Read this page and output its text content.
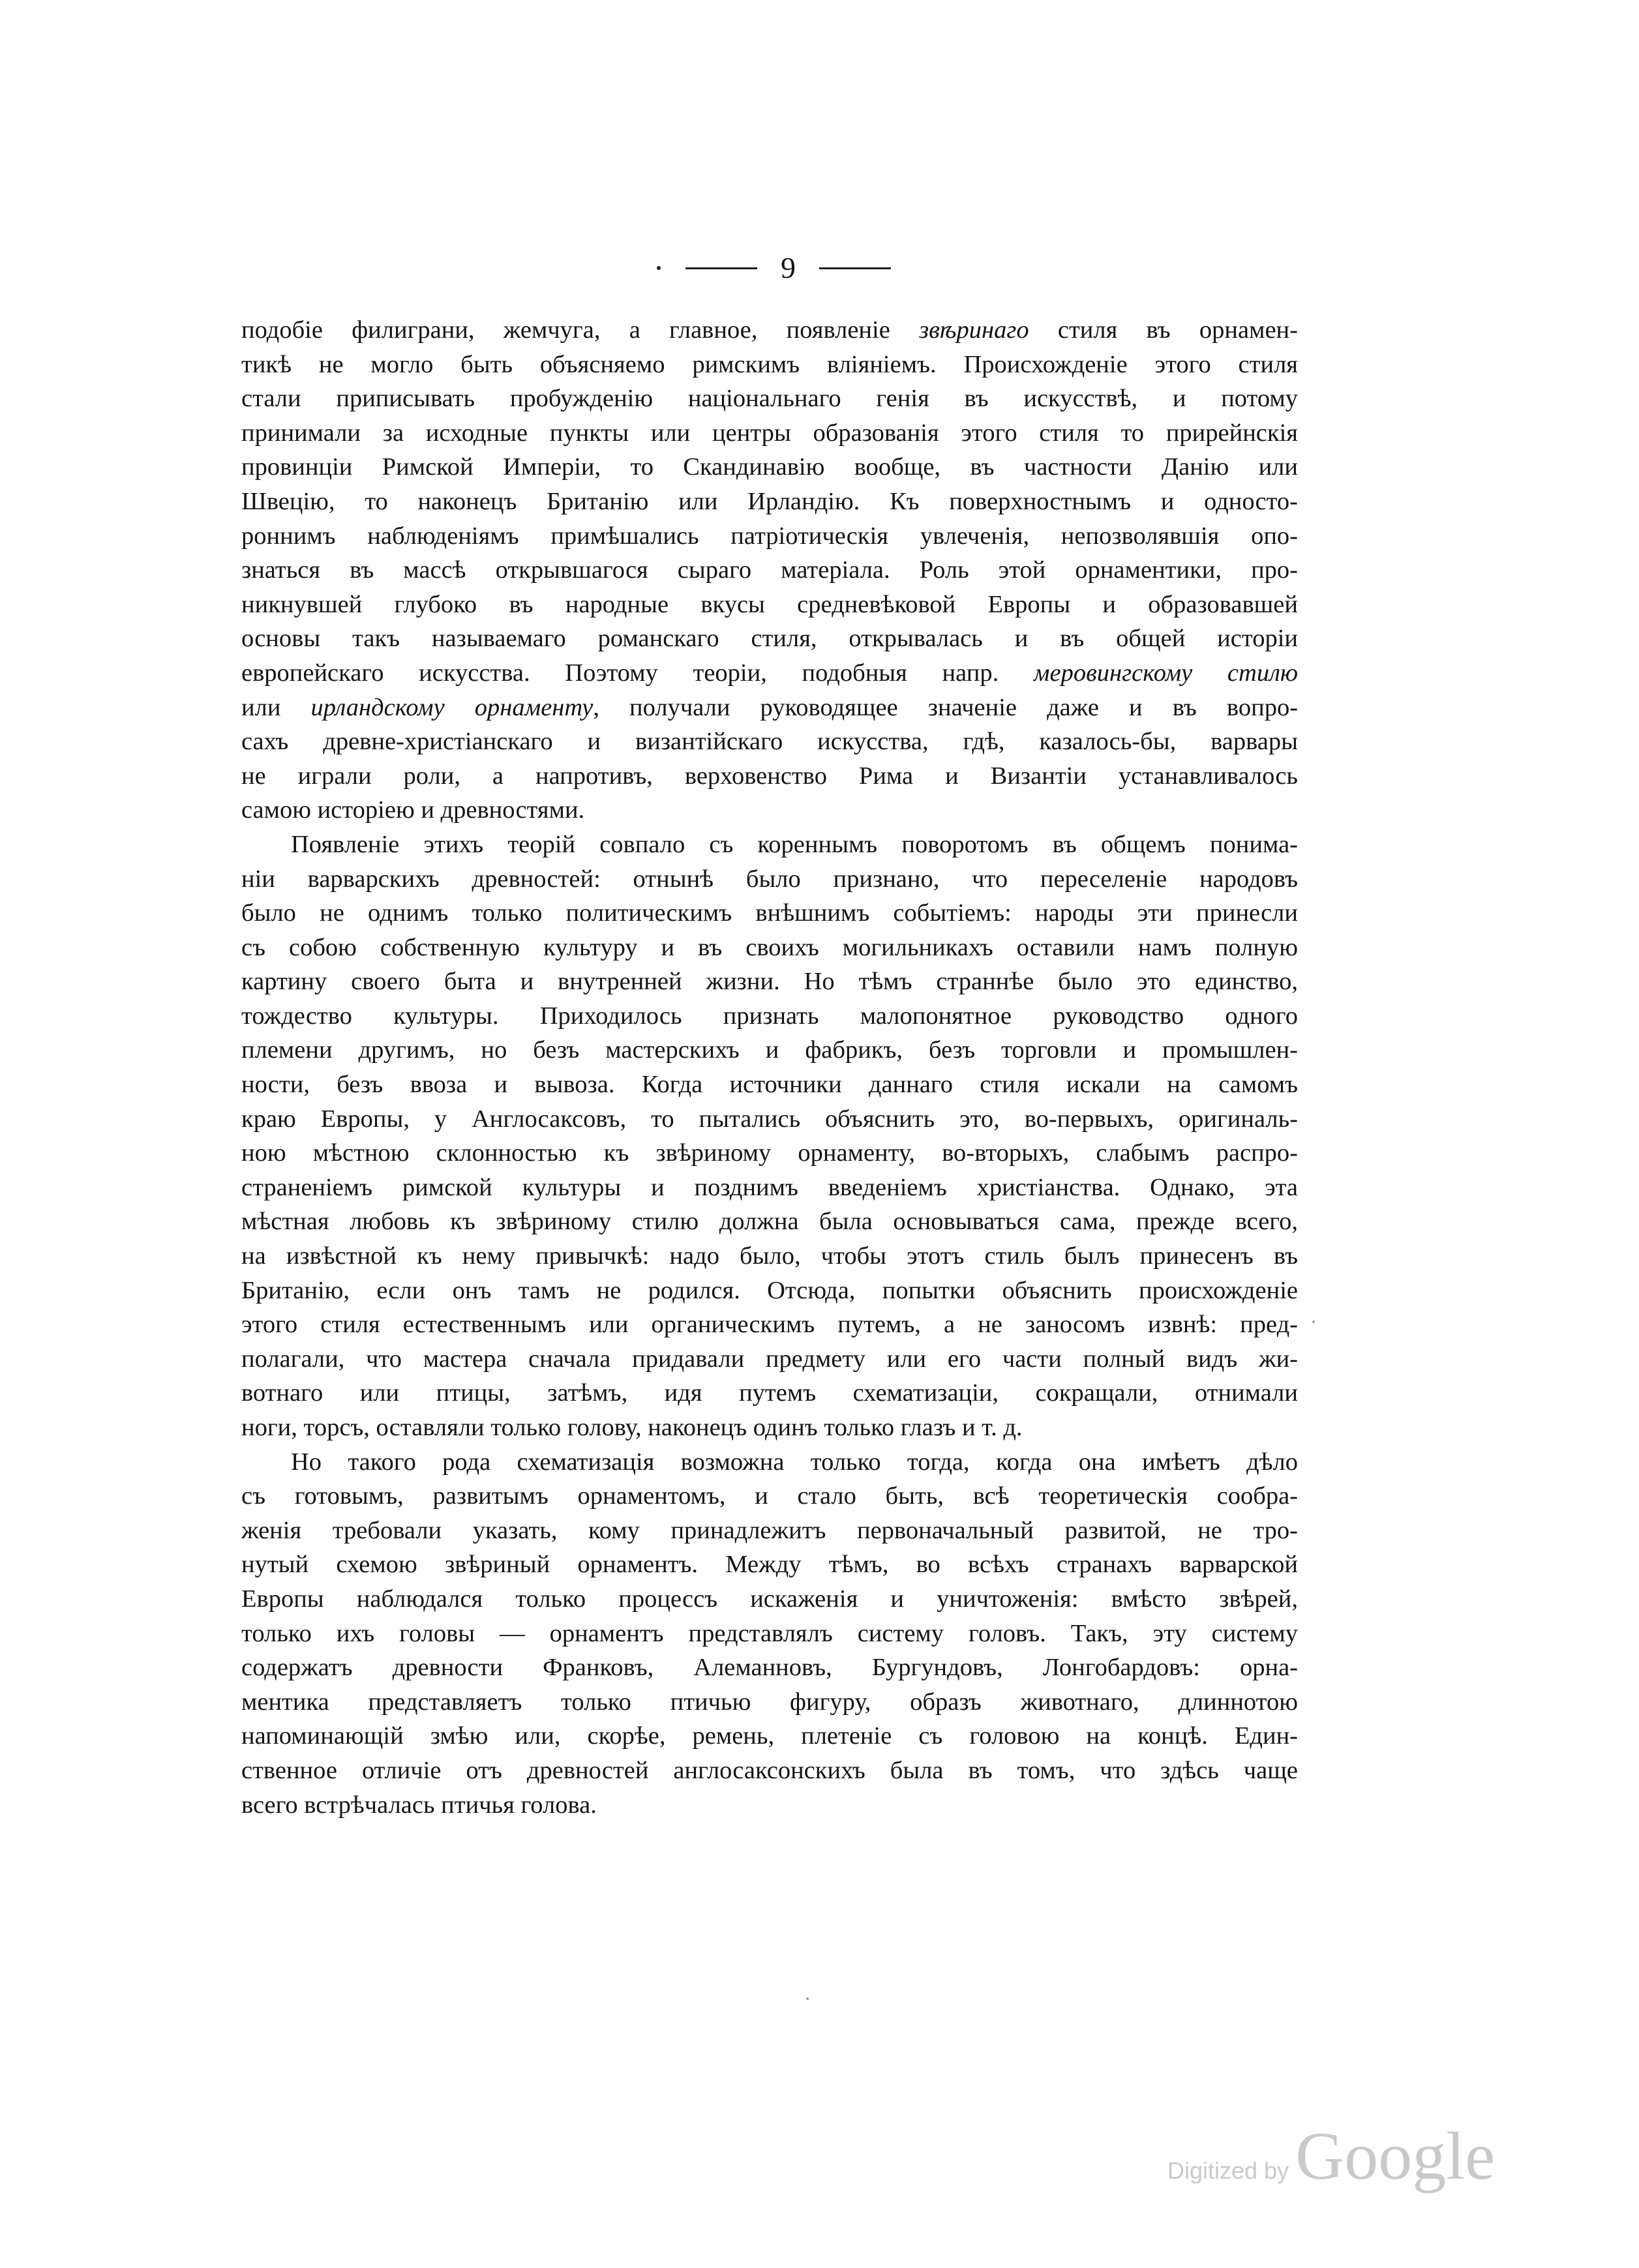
9
подобіе филиграни, жемчуга, а главное, появленіе звѣринаго стиля въ орнамен-
тикѣ не могло быть объясняемо римскимъ вліяніемъ. Происхожденіе этого стиля
стали приписывать пробужденію національнаго генія въ искусствѣ, и потому
принимали за исходные пункты или центры образованія этого стиля то прирейнскія
провинціи Римской Имперіи, то Скандинавію вообще, въ частности Данію или
Швецію, то наконецъ Британію или Ирландію. Къ поверхностнымъ и односто-
роннимъ наблюденіямъ примѣшались патріотическія увлеченія, непозволявшія опо-
знаться въ массѣ открывшагося сыраго матеріала. Роль этой орнаментики, про-
никнувшей глубоко въ народные вкусы средневѣковой Европы и образовавшей
основы такъ называемаго романскаго стиля, открывалась и въ общей исторіи
европейскаго искусства. Поэтому теоріи, подобныя напр. меровингскому стилю
или ирландскому орнаменту, получали руководящее значеніе даже и въ вопро-
сахъ древне-христіанскаго и византійскаго искусства, гдѣ, казалось-бы, варвары
не играли роли, а напротивъ, верховенство Рима и Византіи устанавливалось
самою исторіею и древностями.
Появленіе этихъ теорій совпало съ кореннымъ поворотомъ въ общемъ понима-
ніи варварскихъ древностей: отнынѣ было признано, что переселеніе народовъ
было не однимъ только политическимъ внѣшнимъ событіемъ: народы эти принесли
съ собою собственную культуру и въ своихъ могильникахъ оставили намъ полную
картину своего быта и внутренней жизни. Но тѣмъ страннѣе было это единство,
тождество культуры. Приходилось признать малопонятное руководство одного
племени другимъ, но безъ мастерскихъ и фабрикъ, безъ торговли и промышлен-
ности, безъ ввоза и вывоза. Когда источники даннаго стиля искали на самомъ
краю Европы, у Англосаксовъ, то пытались объяснить это, во-первыхъ, оригиналь-
ною мѣстною склонностью къ звѣриному орнаменту, во-вторыхъ, слабымъ распро-
страненіемъ римской культуры и позднимъ введеніемъ христіанства. Однако, эта
мѣстная любовь къ звѣриному стилю должна была основываться сама, прежде всего,
на извѣстной къ нему привычкѣ: надо было, чтобы этотъ стиль былъ принесенъ въ
Британію, если онъ тамъ не родился. Отсюда, попытки объяснить происхожденіе
этого стиля естественнымъ или органическимъ путемъ, а не заносомъ извнѣ: пред-
полагали, что мастера сначала придавали предмету или его части полный видъ жи-
вотнаго или птицы, затѣмъ, идя путемъ схематизаціи, сокращали, отнимали
ноги, торсъ, оставляли только голову, наконецъ одинъ только глазъ и т. д.
Но такого рода схематизація возможна только тогда, когда она имѣетъ дѣло
съ готовымъ, развитымъ орнаментомъ, и стало быть, всѣ теоретическія сообра-
женія требовали указать, кому принадлежитъ первоначальный развитой, не тро-
нутый схемою звѣриный орнаментъ. Между тѣмъ, во всѣхъ странахъ варварской
Европы наблюдался только процессъ искаженія и уничтоженія: вмѣсто звѣрей,
только ихъ головы — орнаментъ представлялъ систему головъ. Такъ, эту систему
содержатъ древности Франковъ, Алеманновъ, Бургундовъ, Лонгобардовъ: орна-
ментика представляетъ только птичью фигуру, образъ животнаго, длиннотою
напоминающій змѣю или, скорѣе, ремень, плетеніе съ головою на концѣ. Един-
ственное отличіе отъ древностей англосаксонскихъ была въ томъ, что здѣсь чаще
всего встрѣчалась птичья голова.
Digitized by Google
